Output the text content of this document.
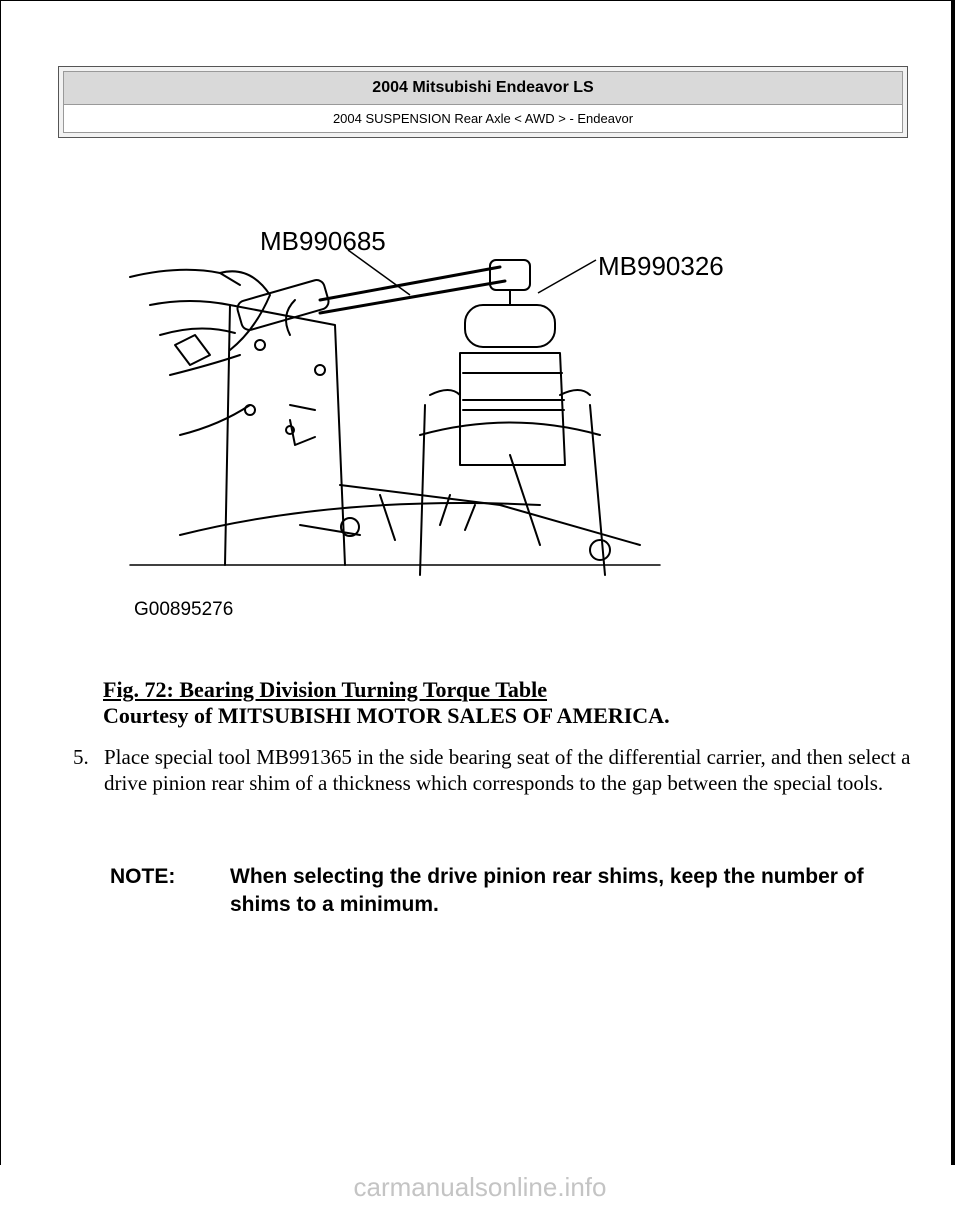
2004 Mitsubishi Endeavor LS
2004 SUSPENSION Rear Axle < AWD > - Endeavor
MB990685
MB990326
G00895276
Fig. 72: Bearing Division Turning Torque Table
Courtesy of MITSUBISHI MOTOR SALES OF AMERICA.
5. Place special tool MB991365 in the side bearing seat of the differential carrier, and then select a drive pinion rear shim of a thickness which corresponds to the gap between the special tools.
NOTE:	When selecting the drive pinion rear shims, keep the number of shims to a minimum.
carmanualsonline.info
